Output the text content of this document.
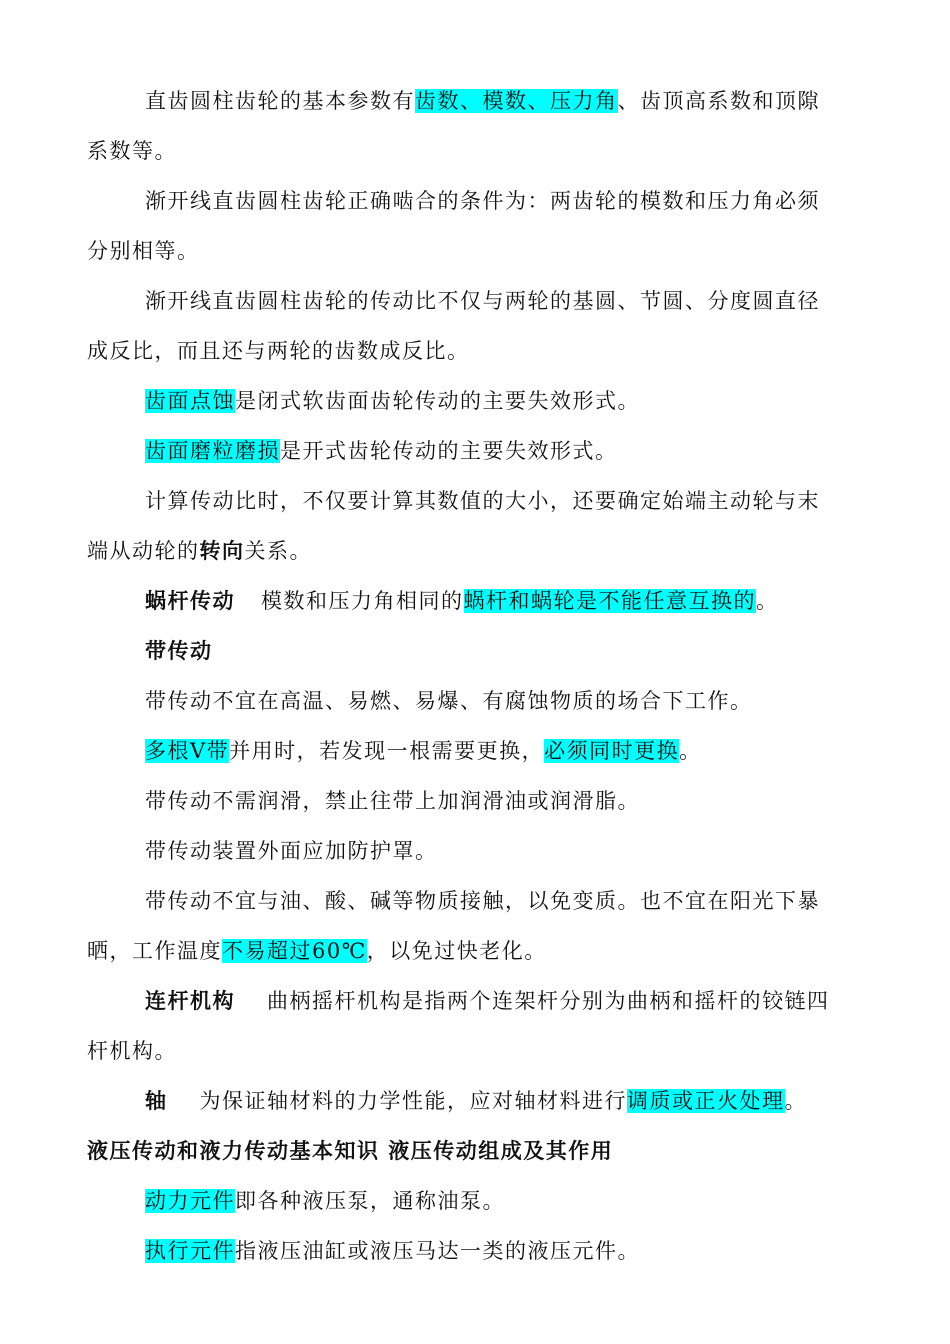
直齿圆柱齿轮的基本参数有齿数、模数、压力角、齿顶高系数和顶隙
系数等。
渐开线直齿圆柱齿轮正确啮合的条件为：两齿轮的模数和压力角必须
分别相等。
渐开线直齿圆柱齿轮的传动比不仅与两轮的基圆、节圆、分度圆直径
成反比，而且还与两轮的齿数成反比。
齿面点蚀是闭式软齿面齿轮传动的主要失效形式。
齿面磨粒磨损是开式齿轮传动的主要失效形式。
计算传动比时，不仅要计算其数值的大小，还要确定始端主动轮与末
端从动轮的转向关系。
蜗杆传动 模数和压力角相同的蜗杆和蜗轮是不能任意互换的。
带传动
带传动不宜在高温、易燃、易爆、有腐蚀物质的场合下工作。
多根V带并用时，若发现一根需要更换，必须同时更换。
带传动不需润滑，禁止往带上加润滑油或润滑脂。
带传动装置外面应加防护罩。
带传动不宜与油、酸、碱等物质接触，以免变质。也不宜在阳光下暴
晒，工作温度不易超过60℃，以免过快老化。
连杆机构 曲柄摇杆机构是指两个连架杆分别为曲柄和摇杆的铰链四
杆机构。
轴 为保证轴材料的力学性能，应对轴材料进行调质或正火处理。
液压传动和液力传动基本知识 液压传动组成及其作用
动力元件即各种液压泵，通称油泵。
执行元件指液压油缸或液压马达一类的液压元件。
